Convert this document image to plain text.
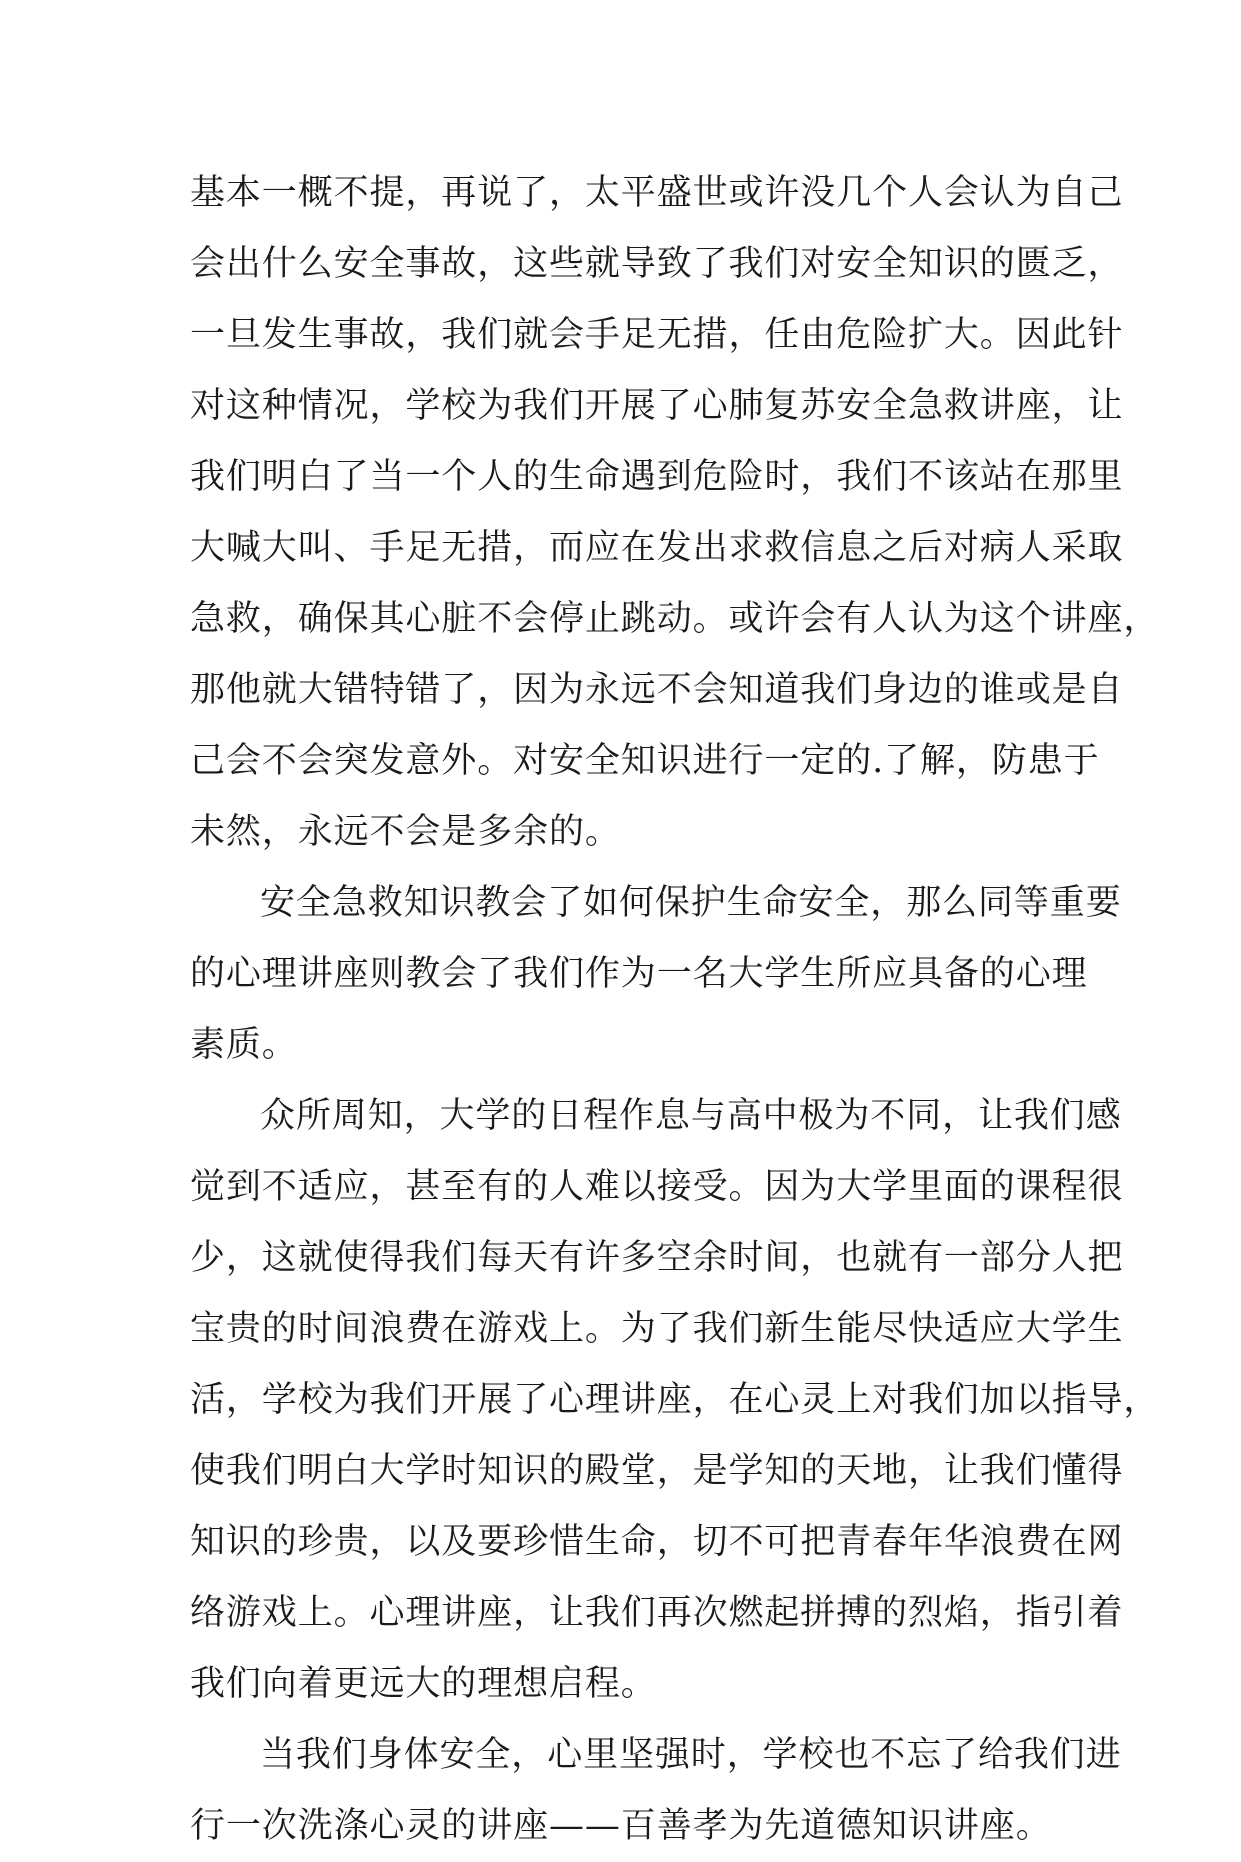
基本一概不提，再说了，太平盛世或许没几个人会认为自己
会出什么安全事故，这些就导致了我们对安全知识的匮乏，
一旦发生事故，我们就会手足无措，任由危险扩大。因此针
对这种情况，学校为我们开展了心肺复苏安全急救讲座，让
我们明白了当一个人的生命遇到危险时，我们不该站在那里
大喊大叫、手足无措，而应在发出求救信息之后对病人采取
急救，确保其心脏不会停止跳动。或许会有人认为这个讲座，
那他就大错特错了，因为永远不会知道我们身边的谁或是自
己会不会突发意外。对安全知识进行一定的.了解，防患于
未然，永远不会是多余的。
安全急救知识教会了如何保护生命安全，那么同等重要
的心理讲座则教会了我们作为一名大学生所应具备的心理
素质。
众所周知，大学的日程作息与高中极为不同，让我们感
觉到不适应，甚至有的人难以接受。因为大学里面的课程很
少，这就使得我们每天有许多空余时间，也就有一部分人把
宝贵的时间浪费在游戏上。为了我们新生能尽快适应大学生
活，学校为我们开展了心理讲座，在心灵上对我们加以指导，
使我们明白大学时知识的殿堂，是学知的天地，让我们懂得
知识的珍贵，以及要珍惜生命，切不可把青春年华浪费在网
络游戏上。心理讲座，让我们再次燃起拼搏的烈焰，指引着
我们向着更远大的理想启程。
当我们身体安全，心里坚强时，学校也不忘了给我们进
行一次洗涤心灵的讲座——百善孝为先道德知识讲座。
